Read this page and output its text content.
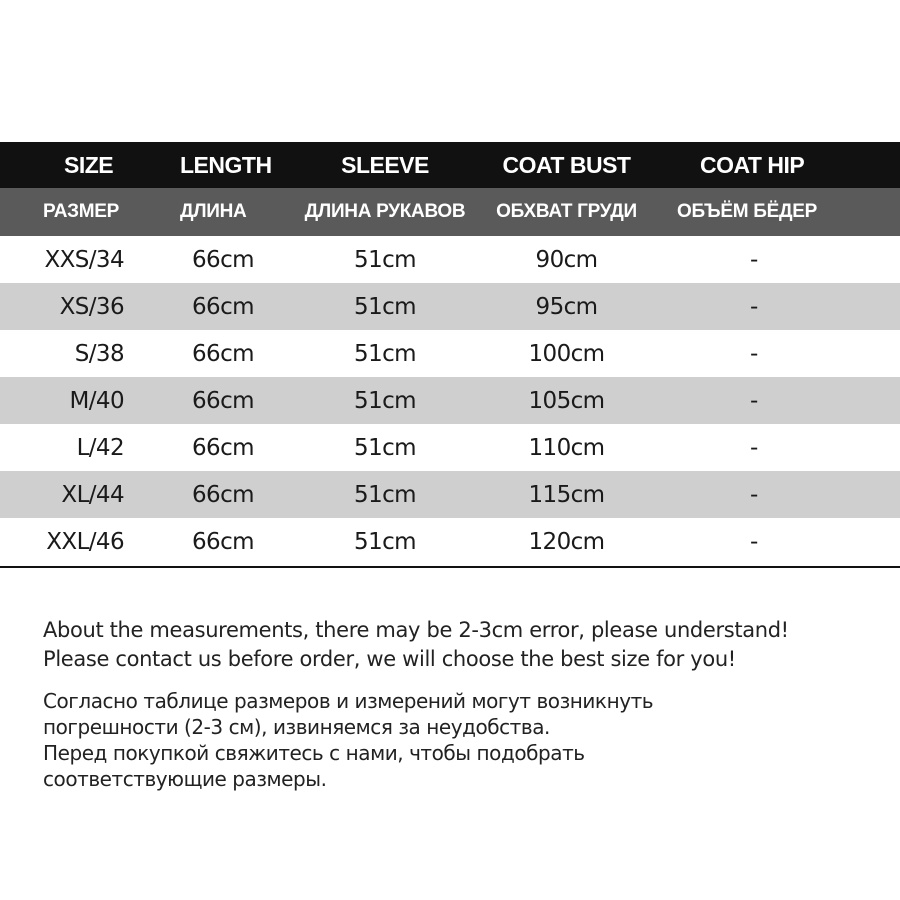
SIZE	LENGTH	SLEEVE	COAT BUST	COAT HIP
РАЗМЕР	ДЛИНА	ДЛИНА РУКАВОВ	ОБХВАТ ГРУДИ	ОБЪЁМ БЁДЕР
XXS/34	66cm	51cm	90cm	-
XS/36	66cm	51cm	95cm	-
S/38	66cm	51cm	100cm	-
M/40	66cm	51cm	105cm	-
L/42	66cm	51cm	110cm	-
XL/44	66cm	51cm	115cm	-
XXL/46	66cm	51cm	120cm	-
About the measurements, there may be 2-3cm error, please understand!
Please contact us before order, we will choose the best size for you!
Согласно таблице размеров и измерений могут возникнуть
погрешности (2-3 см), извиняемся за неудобства.
Перед покупкой свяжитесь с нами, чтобы подобрать
соответствующие размеры.
